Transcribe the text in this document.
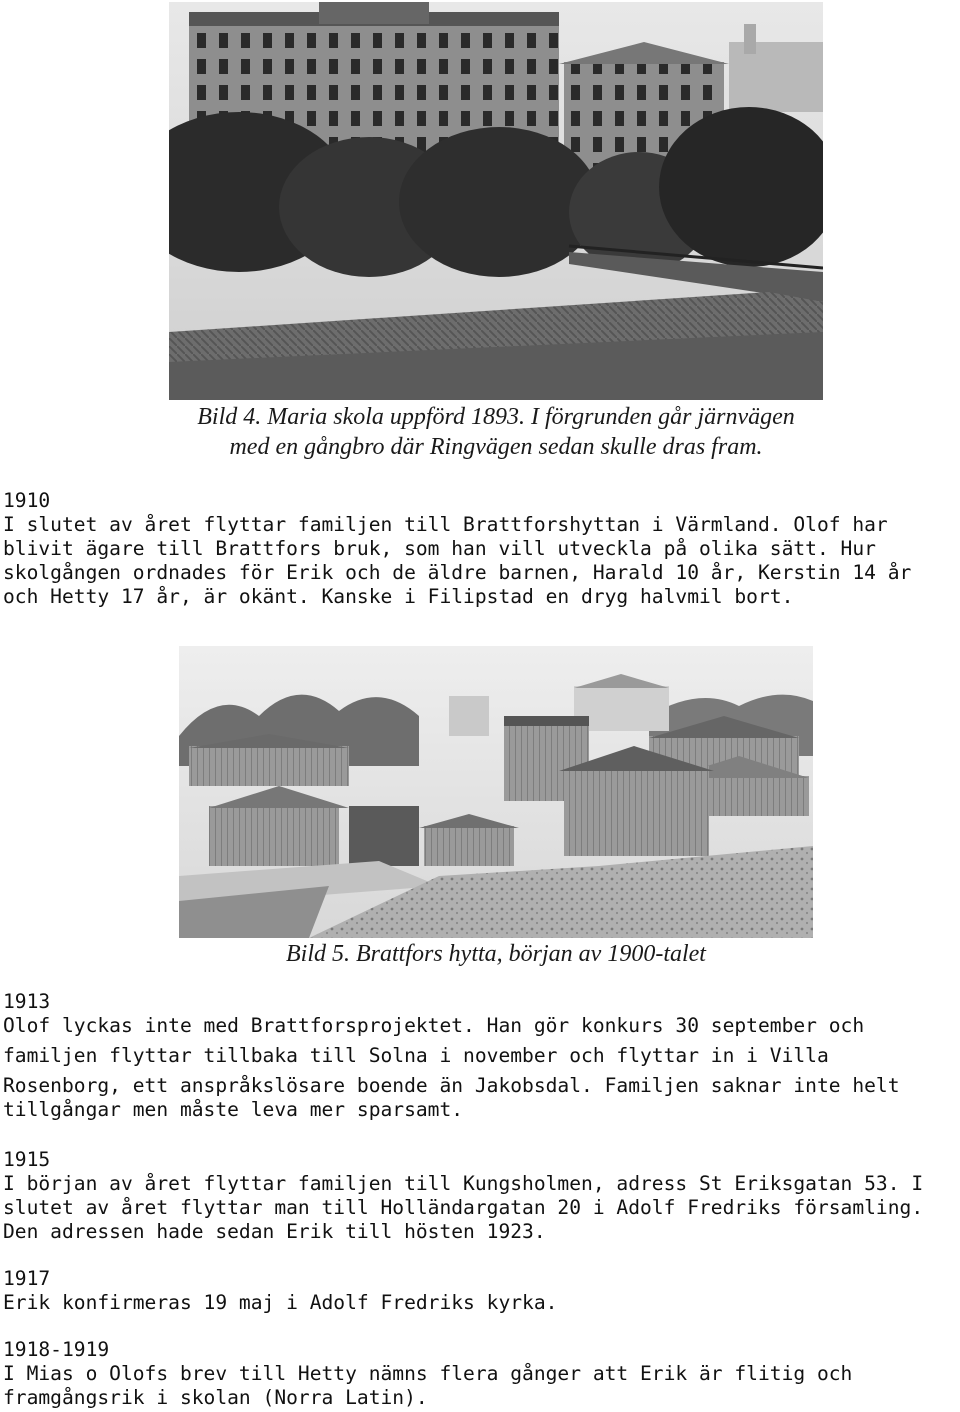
Bild 4. Maria skola uppförd 1893. I förgrunden går järnvägen
med en gångbro där Ringvägen sedan skulle dras fram.
1910
I slutet av året flyttar familjen till Brattforshyttan i Värmland. Olof har
blivit ägare till Brattfors bruk, som han vill utveckla på olika sätt. Hur
skolgången ordnades för Erik och de äldre barnen, Harald 10 år, Kerstin 14 år
och Hetty 17 år, är okänt. Kanske i Filipstad en dryg halvmil bort.
Bild 5. Brattfors hytta, början av 1900-talet
1913
Olof lyckas inte med Brattforsprojektet. Han gör konkurs 30 september och
familjen flyttar tillbaka till Solna i november och flyttar in i Villa
Rosenborg, ett anspråkslösare boende än Jakobsdal. Familjen saknar inte helt
tillgångar men måste leva mer sparsamt.
1915
I början av året flyttar familjen till Kungsholmen, adress St Eriksgatan 53. I
slutet av året flyttar man till Holländargatan 20 i Adolf Fredriks församling.
Den adressen hade sedan Erik till hösten 1923.
1917
Erik konfirmeras 19 maj i Adolf Fredriks kyrka.
1918-1919
I Mias o Olofs brev till Hetty nämns flera gånger att Erik är flitig och
framgångsrik i skolan (Norra Latin).
